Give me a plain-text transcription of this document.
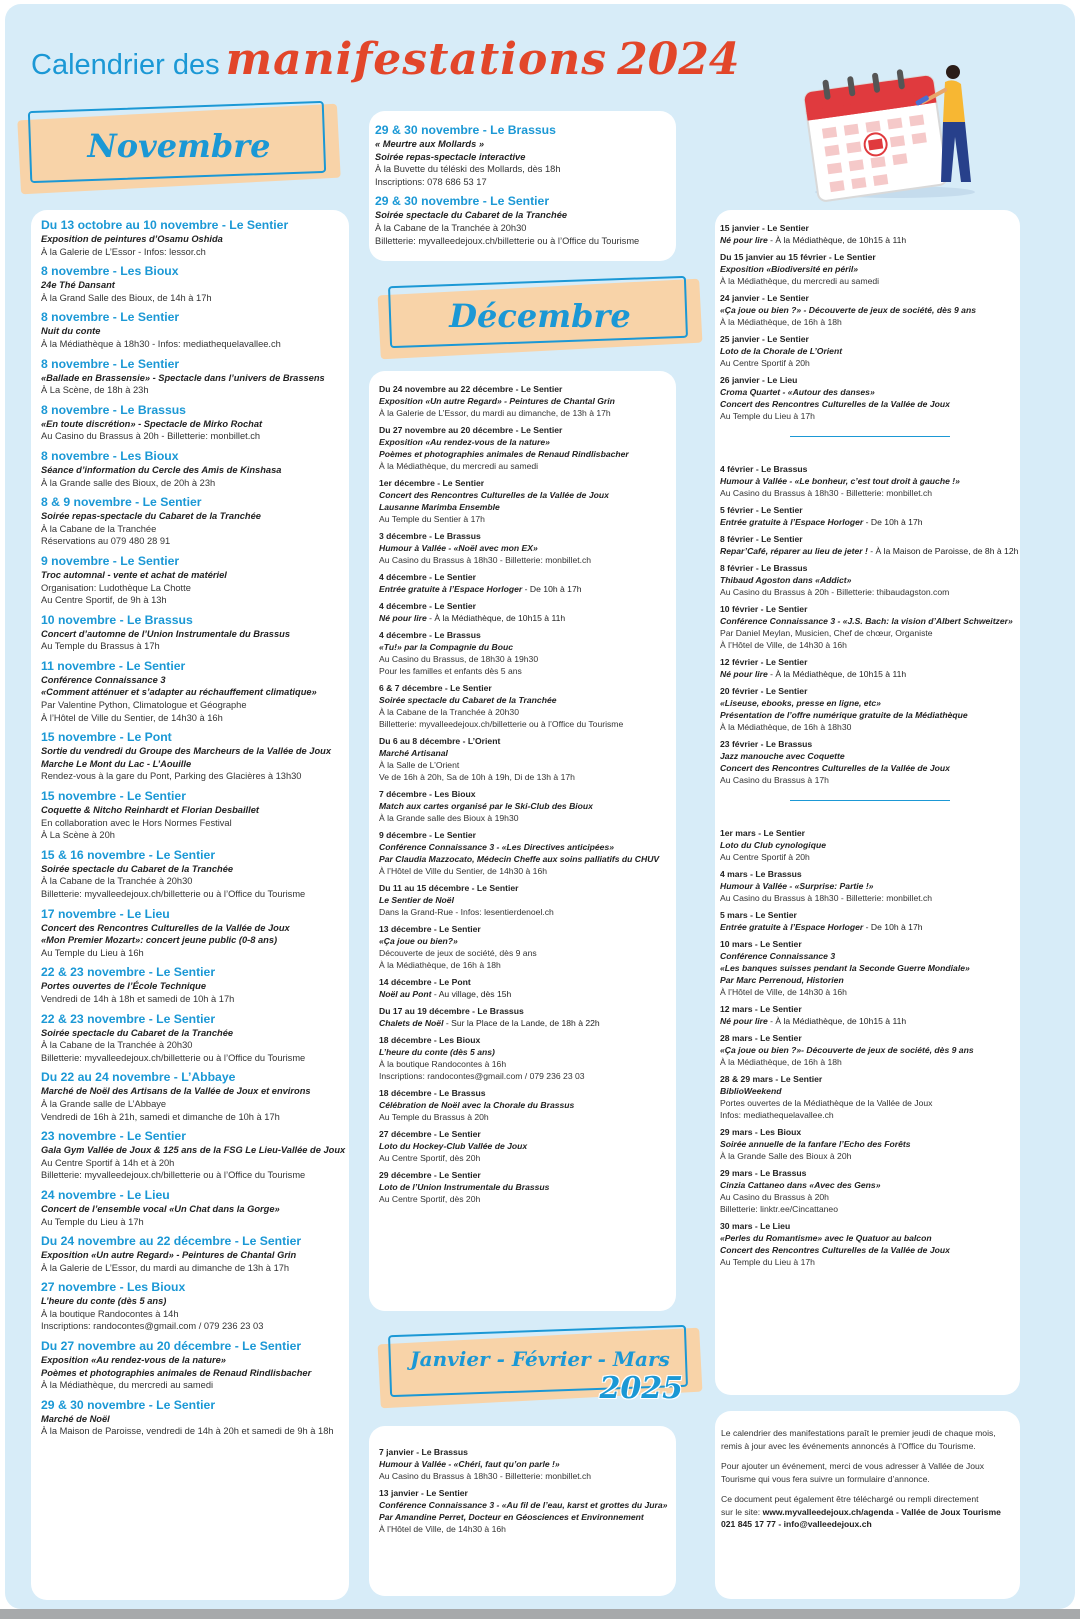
Calendrier des manifestations 2024
Novembre
Du 13 octobre au 10 novembre - Le Sentier
Exposition de peintures d’Osamu Oshida
À la Galerie de L’Essor - Infos: lessor.ch
8 novembre - Les Bioux
24e Thé Dansant
À la Grand Salle des Bioux, de 14h à 17h
8 novembre - Le Sentier
Nuit du conte
À la Médiathèque à 18h30 - Infos: mediathequelavallee.ch
8 novembre - Le Sentier
«Ballade en Brassensie» - Spectacle dans l’univers de Brassens
À La Scène, de 18h à 23h
8 novembre - Le Brassus
«En toute discrétion» - Spectacle de Mirko Rochat
Au Casino du Brassus à 20h - Billetterie: monbillet.ch
8 novembre - Les Bioux
Séance d’information du Cercle des Amis de Kinshasa
À la Grande salle des Bioux, de 20h à 23h
8 & 9 novembre - Le Sentier
Soirée repas-spectacle du Cabaret de la Tranchée
À la Cabane de la Tranchée
Réservations au 079 480 28 91
9 novembre - Le Sentier
Troc automnal - vente et achat de matériel
Organisation: Ludothèque La Chotte
Au Centre Sportif, de 9h à 13h
10 novembre - Le Brassus
Concert d’automne de l’Union Instrumentale du Brassus
Au Temple du Brassus à 17h
11 novembre - Le Sentier
Conférence Connaissance 3
«Comment atténuer et s’adapter au réchauffement climatique»
Par Valentine Python, Climatologue et Géographe
À l’Hôtel de Ville du Sentier, de 14h30 à 16h
15 novembre - Le Pont
Sortie du vendredi du Groupe des Marcheurs de la Vallée de Joux
Marche Le Mont du Lac - L’Aouille
Rendez-vous à la gare du Pont, Parking des Glacières à 13h30
15 novembre - Le Sentier
Coquette & Nitcho Reinhardt et Florian Desbaillet
En collaboration avec le Hors Normes Festival
À La Scène à 20h
15 & 16 novembre - Le Sentier
Soirée spectacle du Cabaret de la Tranchée
À la Cabane de la Tranchée à 20h30
Billetterie: myvalleedejoux.ch/billetterie ou à l’Office du Tourisme
17 novembre - Le Lieu
Concert des Rencontres Culturelles de la Vallée de Joux
«Mon Premier Mozart»: concert jeune public (0-8 ans)
Au Temple du Lieu à 16h
22 & 23 novembre - Le Sentier
Portes ouvertes de l’École Technique
Vendredi de 14h à 18h et samedi de 10h à 17h
22 & 23 novembre - Le Sentier
Soirée spectacle du Cabaret de la Tranchée
À la Cabane de la Tranchée à 20h30
Billetterie: myvalleedejoux.ch/billetterie ou à l’Office du Tourisme
Du 22 au 24 novembre - L’Abbaye
Marché de Noël des Artisans de la Vallée de Joux et environs
À la Grande salle de L’Abbaye
Vendredi de 16h à 21h, samedi et dimanche de 10h à 17h
23 novembre - Le Sentier
Gala Gym Vallée de Joux & 125 ans de la FSG Le Lieu-Vallée de Joux
Au Centre Sportif à 14h et à 20h
Billetterie: myvalleedejoux.ch/billetterie ou à l’Office du Tourisme
24 novembre - Le Lieu
Concert de l’ensemble vocal «Un Chat dans la Gorge»
Au Temple du Lieu à 17h
Du 24 novembre au 22 décembre - Le Sentier
Exposition «Un autre Regard» - Peintures de Chantal Grin
À la Galerie de L’Essor, du mardi au dimanche de 13h à 17h
27 novembre - Les Bioux
L’heure du conte (dès 5 ans)
À la boutique Randocontes à 14h
Inscriptions: randocontes@gmail.com / 079 236 23 03
Du 27 novembre au 20 décembre - Le Sentier
Exposition «Au rendez-vous de la nature»
Poèmes et photographies animales de Renaud Rindlisbacher
À la Médiathèque, du mercredi au samedi
29 & 30 novembre - Le Sentier
Marché de Noël
À la Maison de Paroisse, vendredi de 14h à 20h et samedi de 9h à 18h
29 & 30 novembre - Le Brassus
« Meurtre aux Mollards »
Soirée repas-spectacle interactive
À la Buvette du téléski des Mollards, dès 18h
Inscriptions: 078 686 53 17
29 & 30 novembre - Le Sentier
Soirée spectacle du Cabaret de la Tranchée
À la Cabane de la Tranchée à 20h30
Billetterie: myvalleedejoux.ch/billetterie ou à l’Office du Tourisme
Décembre
Du 24 novembre au 22 décembre - Le Sentier
Exposition «Un autre Regard» - Peintures de Chantal Grin
À la Galerie de L’Essor, du mardi au dimanche, de 13h à 17h
Du 27 novembre au 20 décembre - Le Sentier
Exposition «Au rendez-vous de la nature»
Poèmes et photographies animales de Renaud Rindlisbacher
À la Médiathèque, du mercredi au samedi
1er décembre - Le Sentier
Concert des Rencontres Culturelles de la Vallée de Joux
Lausanne Marimba Ensemble
Au Temple du Sentier à 17h
3 décembre - Le Brassus
Humour à Vallée - «Noël avec mon EX»
Au Casino du Brassus à 18h30 - Billetterie: monbillet.ch
4 décembre - Le Sentier
Entrée gratuite à l’Espace Horloger - De 10h à 17h
4 décembre - Le Sentier
Né pour lire - À la Médiathèque, de 10h15 à 11h
4 décembre - Le Brassus
«Tu!» par la Compagnie du Bouc
Au Casino du Brassus, de 18h30 à 19h30
Pour les familles et enfants dès 5 ans
6 & 7 décembre - Le Sentier
Soirée spectacle du Cabaret de la Tranchée
À la Cabane de la Tranchée à 20h30
Billetterie: myvalleedejoux.ch/billetterie ou à l’Office du Tourisme
Du 6 au 8 décembre - L’Orient
Marché Artisanal
À la Salle de L’Orient
Ve de 16h à 20h, Sa de 10h à 19h, Di de 13h à 17h
7 décembre - Les Bioux
Match aux cartes organisé par le Ski-Club des Bioux
À la Grande salle des Bioux à 19h30
9 décembre - Le Sentier
Conférence Connaissance 3 - «Les Directives anticipées»
Par Claudia Mazzocato, Médecin Cheffe aux soins palliatifs du CHUV
À l’Hôtel de Ville du Sentier, de 14h30 à 16h
Du 11 au 15 décembre - Le Sentier
Le Sentier de Noël
Dans la Grand-Rue - Infos: lesentierdenoel.ch
13 décembre - Le Sentier
«Ça joue ou bien?»
Découverte de jeux de société, dès 9 ans
À la Médiathèque, de 16h à 18h
14 décembre - Le Pont
Noël au Pont - Au village, dès 15h
Du 17 au 19 décembre - Le Brassus
Chalets de Noël - Sur la Place de la Lande, de 18h à 22h
18 décembre - Les Bioux
L’heure du conte (dès 5 ans)
À la boutique Randocontes à 16h
Inscriptions: randocontes@gmail.com / 079 236 23 03
18 décembre - Le Brassus
Célébration de Noël avec la Chorale du Brassus
Au Temple du Brassus à 20h
27 décembre - Le Sentier
Loto du Hockey-Club Vallée de Joux
Au Centre Sportif, dès 20h
29 décembre - Le Sentier
Loto de l’Union Instrumentale du Brassus
Au Centre Sportif, dès 20h
Janvier - Février - Mars
2025
7 janvier - Le Brassus
Humour à Vallée - «Chéri, faut qu’on parle !»
Au Casino du Brassus à 18h30 - Billetterie: monbillet.ch
13 janvier - Le Sentier
Conférence Connaissance 3 - «Au fil de l’eau, karst et grottes du Jura»
Par Amandine Perret, Docteur en Géosciences et Environnement
À l’Hôtel de Ville, de 14h30 à 16h
15 janvier - Le Sentier
Né pour lire - À la Médiathèque, de 10h15 à 11h
Du 15 janvier au 15 février - Le Sentier
Exposition «Biodiversité en péril»
À la Médiathèque, du mercredi au samedi
24 janvier - Le Sentier
«Ça joue ou bien ?» - Découverte de jeux de société, dès 9 ans
À la Médiathèque, de 16h à 18h
25 janvier - Le Sentier
Loto de la Chorale de L’Orient
Au Centre Sportif à 20h
26 janvier - Le Lieu
Croma Quartet - «Autour des danses»
Concert des Rencontres Culturelles de la Vallée de Joux
Au Temple du Lieu à 17h
4 février - Le Brassus
Humour à Vallée - «Le bonheur, c’est tout droit à gauche !»
Au Casino du Brassus à 18h30 - Billetterie: monbillet.ch
5 février - Le Sentier
Entrée gratuite à l’Espace Horloger - De 10h à 17h
8 février - Le Sentier
Repar’Café, réparer au lieu de jeter ! - À la Maison de Paroisse, de 8h à 12h
8 février - Le Brassus
Thibaud Agoston dans «Addict»
Au Casino du Brassus à 20h - Billetterie: thibaudagston.com
10 février - Le Sentier
Conférence Connaissance 3 - «J.S. Bach: la vision d’Albert Schweitzer»
Par Daniel Meylan, Musicien, Chef de chœur, Organiste
À l’Hôtel de Ville, de 14h30 à 16h
12 février - Le Sentier
Né pour lire - À la Médiathèque, de 10h15 à 11h
20 février - Le Sentier
«Liseuse, ebooks, presse en ligne, etc»
Présentation de l’offre numérique gratuite de la Médiathèque
À la Médiathèque, de 16h à 18h30
23 février - Le Brassus
Jazz manouche avec Coquette
Concert des Rencontres Culturelles de la Vallée de Joux
Au Casino du Brassus à 17h
1er mars - Le Sentier
Loto du Club cynologique
Au Centre Sportif à 20h
4 mars - Le Brassus
Humour à Vallée - «Surprise: Partie !»
Au Casino du Brassus à 18h30 - Billetterie: monbillet.ch
5 mars - Le Sentier
Entrée gratuite à l’Espace Horloger - De 10h à 17h
10 mars - Le Sentier
Conférence Connaissance 3
«Les banques suisses pendant la Seconde Guerre Mondiale»
Par Marc Perrenoud, Historien
À l’Hôtel de Ville, de 14h30 à 16h
12 mars - Le Sentier
Né pour lire - À la Médiathèque, de 10h15 à 11h
28 mars - Le Sentier
«Ça joue ou bien ?»- Découverte de jeux de société, dès 9 ans
À la Médiathèque, de 16h à 18h
28 & 29 mars - Le Sentier
BiblioWeekend
Portes ouvertes de la Médiathèque de la Vallée de Joux
Infos: mediathequelavallee.ch
29 mars - Les Bioux
Soirée annuelle de la fanfare l’Echo des Forêts
À la Grande Salle des Bioux à 20h
29 mars - Le Brassus
Cinzia Cattaneo dans «Avec des Gens»
Au Casino du Brassus à 20h
Billetterie: linktr.ee/Cincattaneo
30 mars - Le Lieu
«Perles du Romantisme» avec le Quatuor au balcon
Concert des Rencontres Culturelles de la Vallée de Joux
Au Temple du Lieu à 17h

Le calendrier des manifestations paraît le premier jeudi de chaque mois, remis à jour avec les événements annoncés à l’Office du Tourisme.

Pour ajouter un événement, merci de vous adresser à Vallée de Joux Tourisme qui vous fera suivre un formulaire d’annonce.

Ce document peut également être téléchargé ou rempli directement
sur le site: www.myvalleedejoux.ch/agenda - Vallée de Joux Tourisme
021 845 17 77 - info@valleedejoux.ch
